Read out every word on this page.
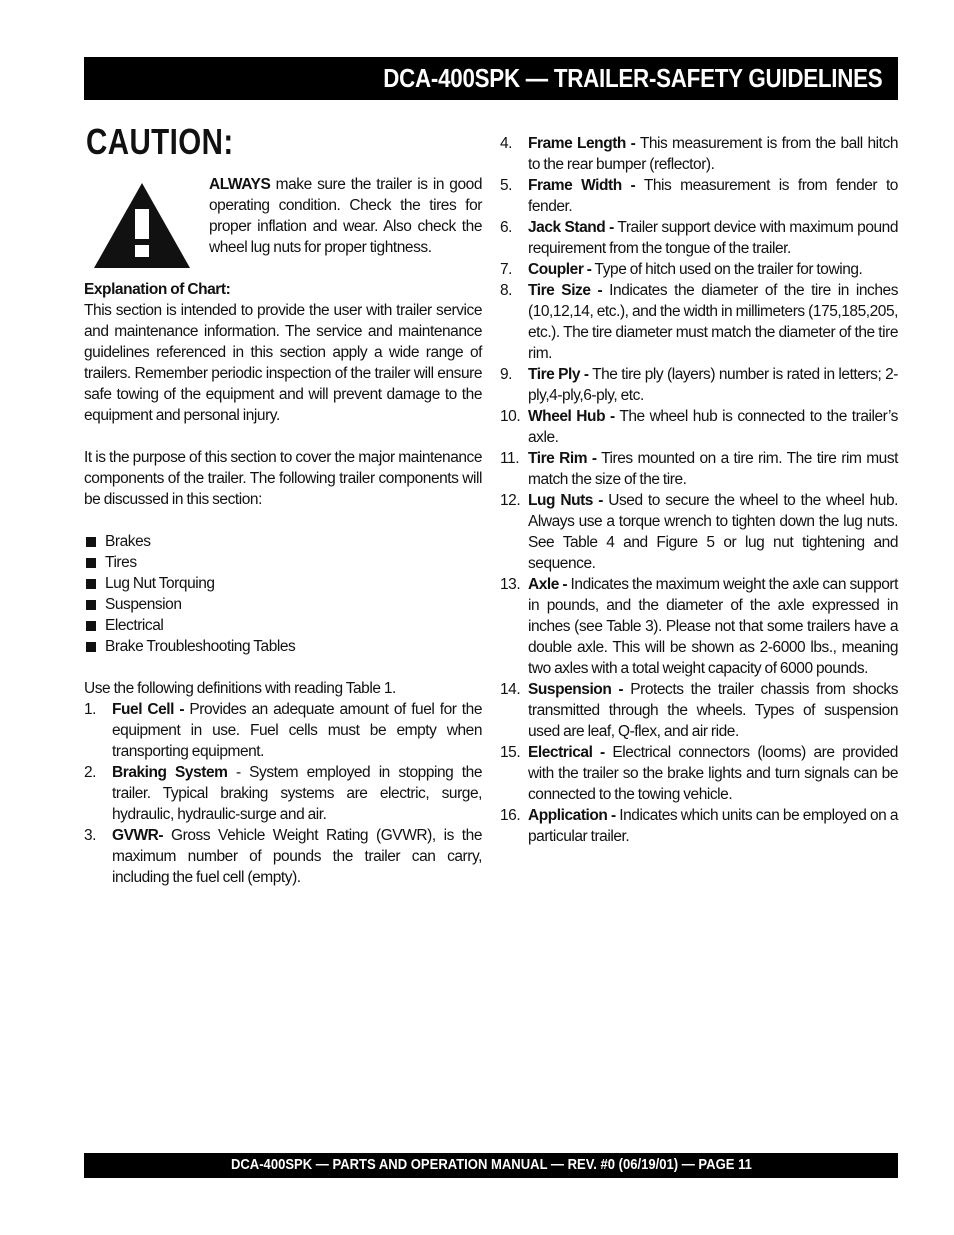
DCA-400SPK — TRAILER-SAFETY GUIDELINES
CAUTION:

ALWAYS make sure the trailer is in good operating condition. Check the tires for proper inflation and wear. Also check the wheel lug nuts for proper tightness.

Explanation of Chart:

This section is intended to provide the user with trailer service and maintenance information. The service and maintenance guidelines referenced in this section apply a wide range of trailers. Remember periodic inspection of the trailer will ensure safe towing of the equipment and will prevent damage to the equipment and personal injury.

It is the purpose of this section to cover the major maintenance components of the trailer. The following trailer components will be discussed in this section:

Brakes
Tires
Lug Nut Torquing
Suspension
Electrical
Brake Troubleshooting Tables

Use the following definitions with reading Table 1.

1. Fuel Cell - Provides an adequate amount of fuel for the equipment in use. Fuel cells must be empty when transporting equipment.
2. Braking System - System employed in stopping the trailer. Typical braking systems are electric, surge, hydraulic, hydraulic-surge and air.
3. GVWR- Gross Vehicle Weight Rating (GVWR), is the maximum number of pounds the trailer can carry, including the fuel cell (empty).
4. Frame Length - This measurement is from the ball hitch to the rear bumper (reflector).
5. Frame Width - This measurement is from fender to fender.
6. Jack Stand - Trailer support device with maximum pound requirement from the tongue of the trailer.
7. Coupler - Type of hitch used on the trailer for towing.
8. Tire Size - Indicates the diameter of the tire in inches (10,12,14, etc.), and the width in millimeters (175,185,205, etc.). The tire diameter must match the diameter of the tire rim.
9. Tire Ply - The tire ply (layers) number is rated in letters; 2-ply,4-ply,6-ply, etc.
10. Wheel Hub - The wheel hub is connected to the trailer’s axle.
11. Tire Rim - Tires mounted on a tire rim. The tire rim must match the size of the tire.
12. Lug Nuts - Used to secure the wheel to the wheel hub. Always use a torque wrench to tighten down the lug nuts. See Table 4 and Figure 5 or lug nut tightening and sequence.
13. Axle - Indicates the maximum weight the axle can support in pounds, and the diameter of the axle expressed in inches (see Table 3). Please not that some trailers have a double axle. This will be shown as 2-6000 lbs., meaning two axles with a total weight capacity of 6000 pounds.
14. Suspension - Protects the trailer chassis from shocks transmitted through the wheels. Types of suspension used are leaf, Q-flex, and air ride.
15. Electrical - Electrical connectors (looms) are provided with the trailer so the brake lights and turn signals can be connected to the towing vehicle.
16. Application - Indicates which units can be employed on a particular trailer.
DCA-400SPK — PARTS AND OPERATION MANUAL — REV. #0 (06/19/01) — PAGE 11
